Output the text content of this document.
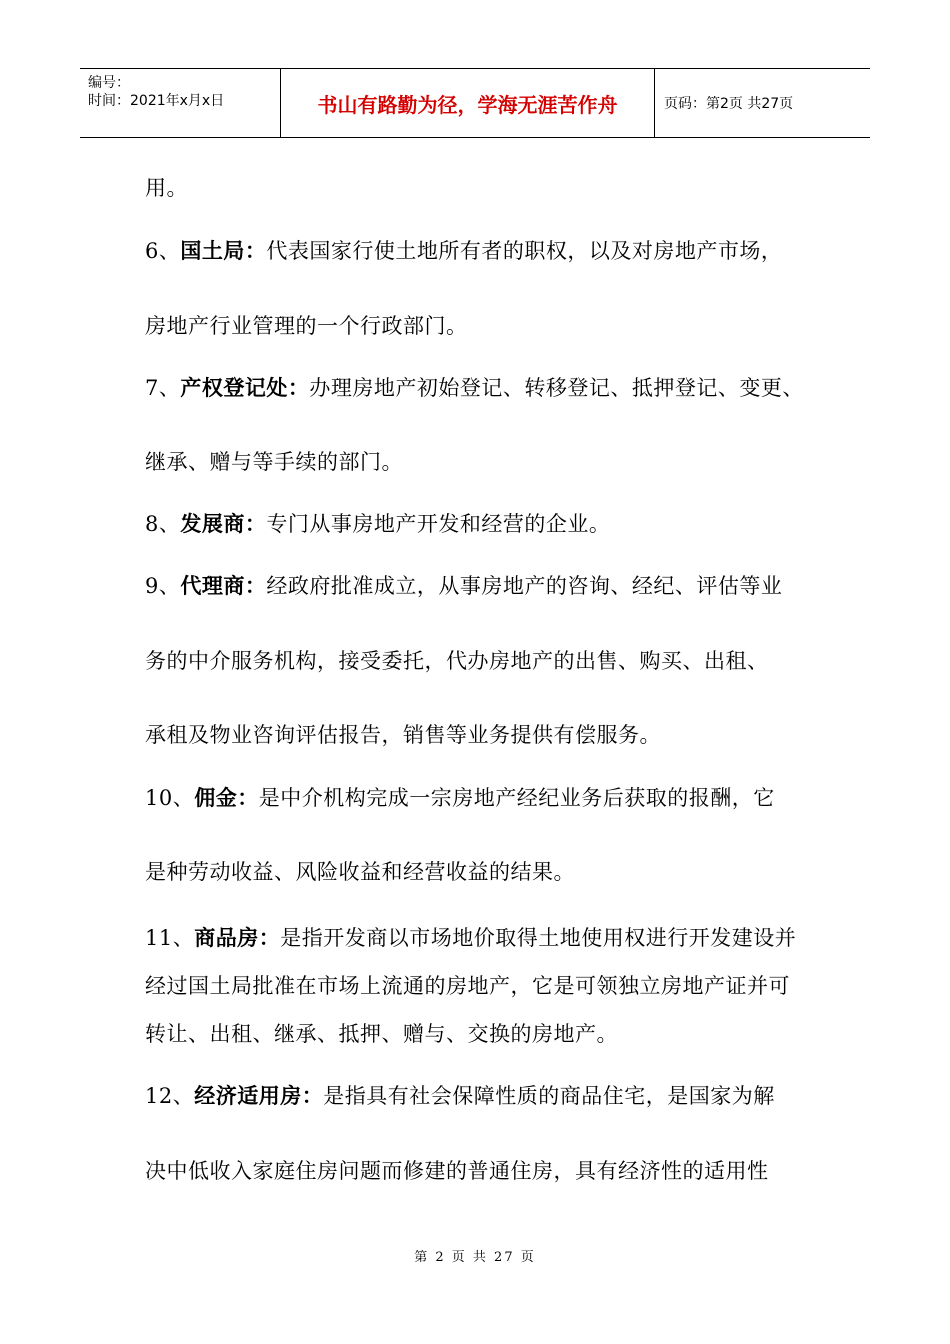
编号：
时间：2021年x月x日	书山有路勤为径，学海无涯苦作舟	页码：第2页 共27页
用。
6、国土局：代表国家行使土地所有者的职权，以及对房地产市场，
房地产行业管理的一个行政部门。
7、产权登记处：办理房地产初始登记、转移登记、抵押登记、变更、
继承、赠与等手续的部门。
8、发展商：专门从事房地产开发和经营的企业。
9、代理商：经政府批准成立，从事房地产的咨询、经纪、评估等业
务的中介服务机构，接受委托，代办房地产的出售、购买、出租、
承租及物业咨询评估报告，销售等业务提供有偿服务。
10、佣金：是中介机构完成一宗房地产经纪业务后获取的报酬，它
是种劳动收益、风险收益和经营收益的结果。
11、商品房：是指开发商以市场地价取得土地使用权进行开发建设并
经过国土局批准在市场上流通的房地产，它是可领独立房地产证并可
转让、出租、继承、抵押、赠与、交换的房地产。
12、经济适用房：是指具有社会保障性质的商品住宅，是国家为解
决中低收入家庭住房问题而修建的普通住房，具有经济性的适用性
第 2 页 共 27 页
